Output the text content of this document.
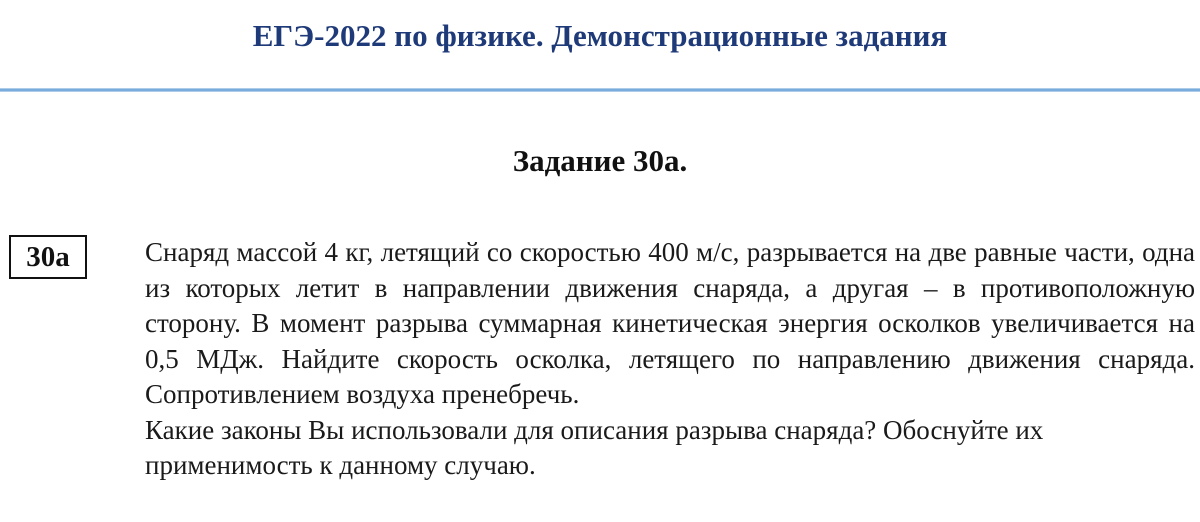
ЕГЭ-2022 по физике. Демонстрационные задания
Задание 30а.
30а	Снаряд массой 4 кг, летящий со скоростью 400 м/с, разрывается на две равные части, одна из которых летит в направлении движения снаряда, а другая – в противоположную сторону. В момент разрыва суммарная кинетическая энергия осколков увеличивается на 0,5 МДж. Найдите скорость осколка, летящего по направлению движения снаряда. Сопротивлением воздуха пренебречь.

Какие законы Вы использовали для описания разрыва снаряда? Обоснуйте их применимость к данному случаю.
